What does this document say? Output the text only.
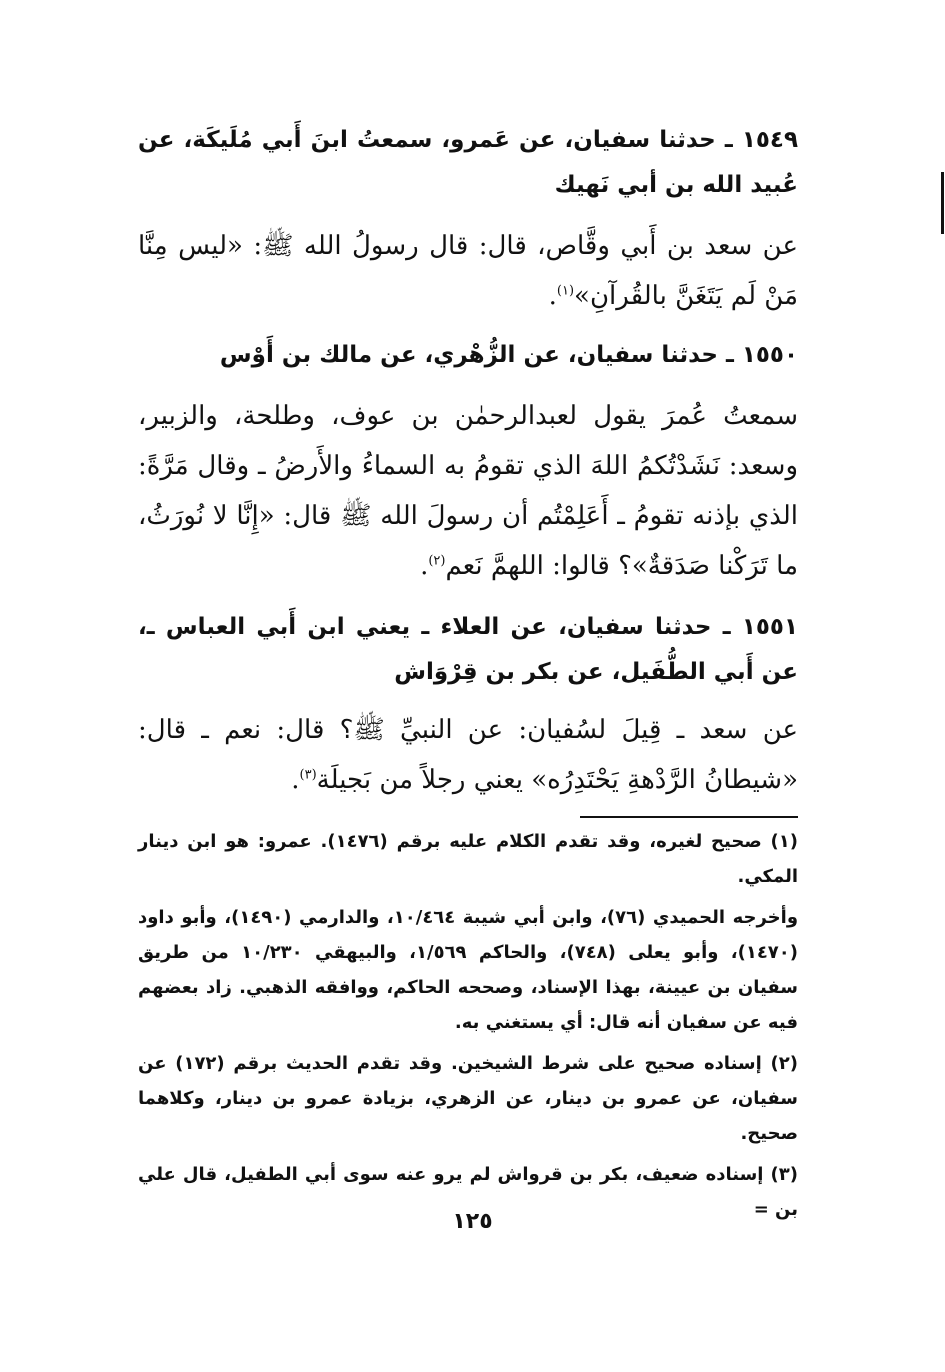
١٥٤٩ ـ حدثنا سفيان، عن عَمرو، سمعتُ ابنَ أَبي مُلَيكَة، عن عُبيد الله بن أبي نَهيك

عن سعد بن أَبي وقَّاص، قال: قال رسولُ الله ﷺ: «ليس مِنَّا مَنْ لَم يَتَغَنَّ بالقُرآنِ»$^{(١)}$.

١٥٥٠ ـ حدثنا سفيان، عن الزُّهْري، عن مالك بن أَوْس

سمعتُ عُمرَ يقول لعبدالرحمٰن بن عوف، وطلحة، والزبير، وسعد: نَشَدْتُكمُ اللهَ الذي تقومُ به السماءُ والأَرضُ ـ وقال مَرَّةً: الذي بإذنه تقومُ ـ أَعَلِمْتُم أن رسولَ الله ﷺ قال: «إِنَّا لا نُورَثُ، ما تَرَكْنا صَدَقةٌ»؟ قالوا: اللهمَّ نَعم$^{(٢)}$.

١٥٥١ ـ حدثنا سفيان، عن العلاء ـ يعني ابن أَبي العباس ـ، عن أَبي الطُّفَيل، عن بكر بن قِرْوَاش

عن سعد ـ قِيلَ لسُفيان: عن النبيِّ ﷺ؟ قال: نعم ـ قال: «شيطانُ الرَّدْهةِ يَحْتَدِرُه» يعني رجلاً من بَجيلَة$^{(٣)}$.

(١) صحيح لغيره، وقد تقدم الكلام عليه برقم (١٤٧٦). عمرو: هو ابن دينار المكي.

وأخرجه الحميدي (٧٦)، وابن أبي شيبة ١٠/٤٦٤، والدارمي (١٤٩٠)، وأبو داود (١٤٧٠)، وأبو يعلى (٧٤٨)، والحاكم ١/٥٦٩، والبيهقي ١٠/٢٣٠ من طريق سفيان بن عيينة، بهذا الإسناد، وصححه الحاكم، ووافقه الذهبي. زاد بعضهم فيه عن سفيان أنه قال: أي يستغني به.

(٢) إسناده صحيح على شرط الشيخين. وقد تقدم الحديث برقم (١٧٢) عن سفيان، عن عمرو بن دينار، عن الزهري، بزيادة عمرو بن دينار، وكلاهما صحيح.

(٣) إسناده ضعيف، بكر بن قرواش لم يرو عنه سوى أبي الطفيل، قال علي بن =

١٢٥
